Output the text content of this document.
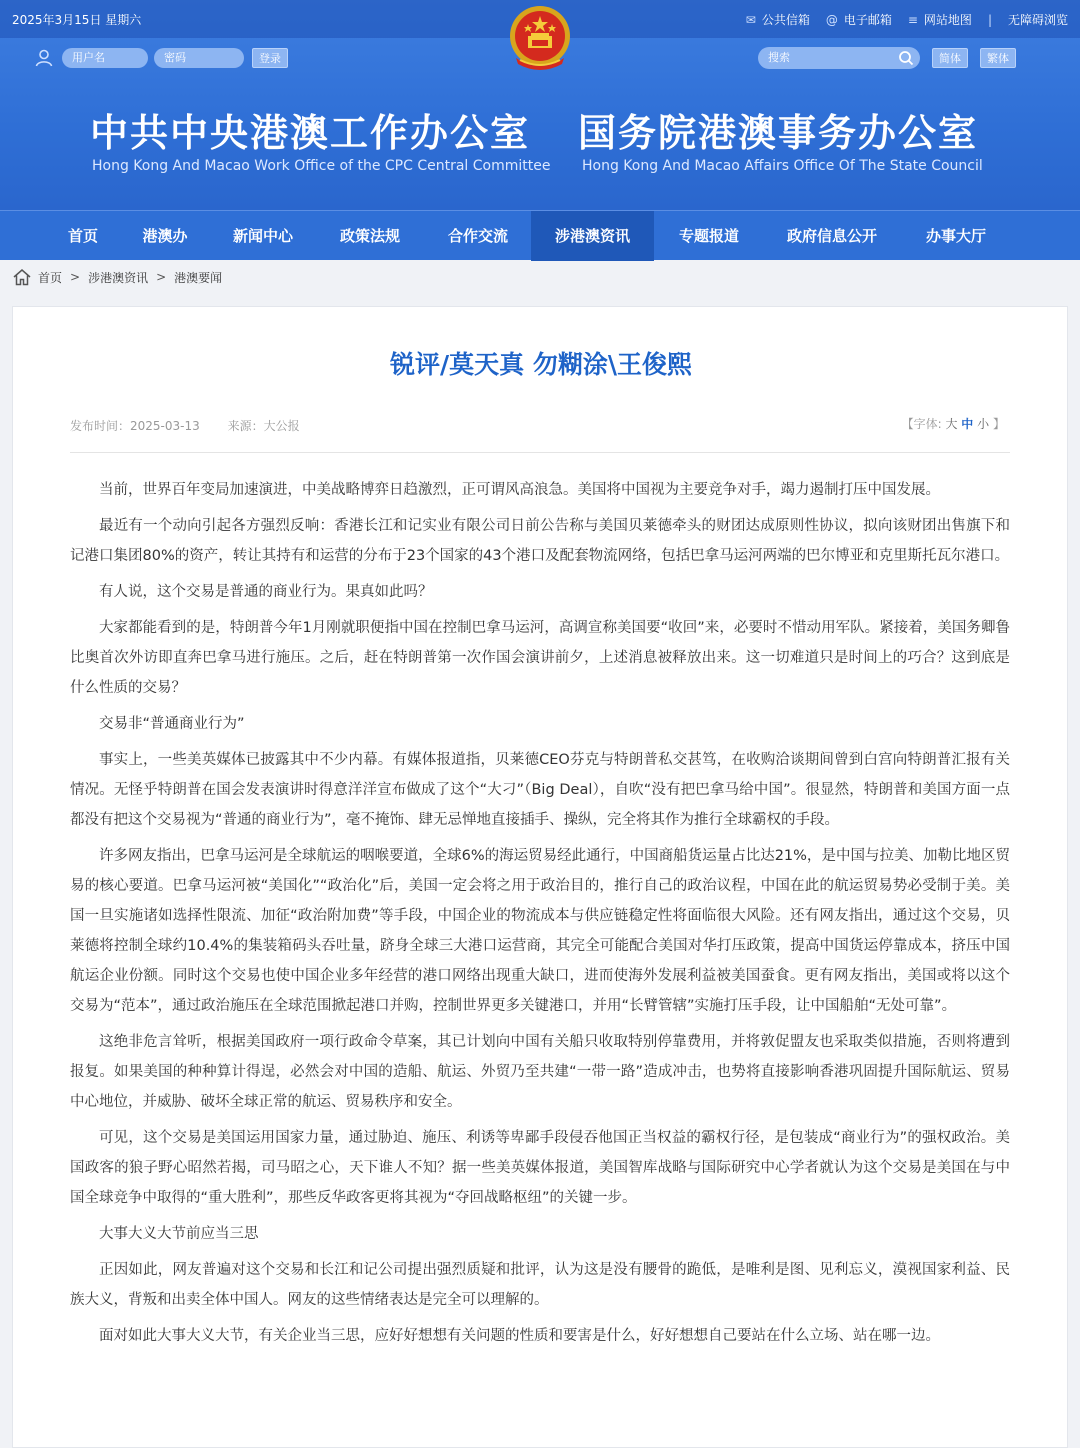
2025年3月15日 星期六	✉ 公共信箱 @ 电子邮箱 ≡ 网站地图 | 无障碍浏览
用户名	密码	登录	搜索	简体	繁体
中共中央港澳工作办公室
Hong Kong And Macao Work Office of the CPC Central Committee
国务院港澳事务办公室
Hong Kong And Macao Affairs Office Of The State Council
首页	港澳办	新闻中心	政策法规	合作交流	涉港澳资讯	专题报道	政府信息公开	办事大厅
首页 > 涉港澳资讯 > 港澳要闻
锐评/莫天真 勿糊涂\王俊熙
发布时间：2025-03-13 来源：大公报	【字体: 大 中 小 】

当前，世界百年变局加速演进，中美战略博弈日趋激烈，正可谓风高浪急。美国将中国视为主要竞争对手，竭力遏制打压中国发展。

最近有一个动向引起各方强烈反响：香港长江和记实业有限公司日前公告称与美国贝莱德牵头的财团达成原则性协议，拟向该财团出售旗下和记港口集团80%的资产，转让其持有和运营的分布于23个国家的43个港口及配套物流网络，包括巴拿马运河两端的巴尔博亚和克里斯托瓦尔港口。

有人说，这个交易是普通的商业行为。果真如此吗？

大家都能看到的是，特朗普今年1月刚就职便指中国在控制巴拿马运河，高调宣称美国要“收回”来，必要时不惜动用军队。紧接着，美国务卿鲁比奥首次外访即直奔巴拿马进行施压。之后，赶在特朗普第一次作国会演讲前夕，上述消息被释放出来。这一切难道只是时间上的巧合？这到底是什么性质的交易？

交易非“普通商业行为”

事实上，一些美英媒体已披露其中不少内幕。有媒体报道指，贝莱德CEO芬克与特朗普私交甚笃，在收购洽谈期间曾到白宫向特朗普汇报有关情况。无怪乎特朗普在国会发表演讲时得意洋洋宣布做成了这个“大刁”（Big Deal），自吹“没有把巴拿马给中国”。很显然，特朗普和美国方面一点都没有把这个交易视为“普通的商业行为”，毫不掩饰、肆无忌惮地直接插手、操纵，完全将其作为推行全球霸权的手段。

许多网友指出，巴拿马运河是全球航运的咽喉要道，全球6%的海运贸易经此通行，中国商船货运量占比达21%，是中国与拉美、加勒比地区贸易的核心要道。巴拿马运河被“美国化”“政治化”后，美国一定会将之用于政治目的，推行自己的政治议程，中国在此的航运贸易势必受制于美。美国一旦实施诸如选择性限流、加征“政治附加费”等手段，中国企业的物流成本与供应链稳定性将面临很大风险。还有网友指出，通过这个交易，贝莱德将控制全球约10.4%的集装箱码头吞吐量，跻身全球三大港口运营商，其完全可能配合美国对华打压政策，提高中国货运停靠成本，挤压中国航运企业份额。同时这个交易也使中国企业多年经营的港口网络出现重大缺口，进而使海外发展利益被美国蚕食。更有网友指出，美国或将以这个交易为“范本”，通过政治施压在全球范围掀起港口并购，控制世界更多关键港口，并用“长臂管辖”实施打压手段，让中国船舶“无处可靠”。

这绝非危言耸听，根据美国政府一项行政命令草案，其已计划向中国有关船只收取特别停靠费用，并将敦促盟友也采取类似措施，否则将遭到报复。如果美国的种种算计得逞，必然会对中国的造船、航运、外贸乃至共建“一带一路”造成冲击，也势将直接影响香港巩固提升国际航运、贸易中心地位，并威胁、破坏全球正常的航运、贸易秩序和安全。

可见，这个交易是美国运用国家力量，通过胁迫、施压、利诱等卑鄙手段侵吞他国正当权益的霸权行径，是包装成“商业行为”的强权政治。美国政客的狼子野心昭然若揭，司马昭之心，天下谁人不知？据一些美英媒体报道，美国智库战略与国际研究中心学者就认为这个交易是美国在与中国全球竞争中取得的“重大胜利”，那些反华政客更将其视为“夺回战略枢纽”的关键一步。

大事大义大节前应当三思

正因如此，网友普遍对这个交易和长江和记公司提出强烈质疑和批评，认为这是没有腰骨的跪低，是唯利是图、见利忘义，漠视国家利益、民族大义，背叛和出卖全体中国人。网友的这些情绪表达是完全可以理解的。

面对如此大事大义大节，有关企业当三思，应好好想想有关问题的性质和要害是什么，好好想想自己要站在什么立场、站在哪一边。
